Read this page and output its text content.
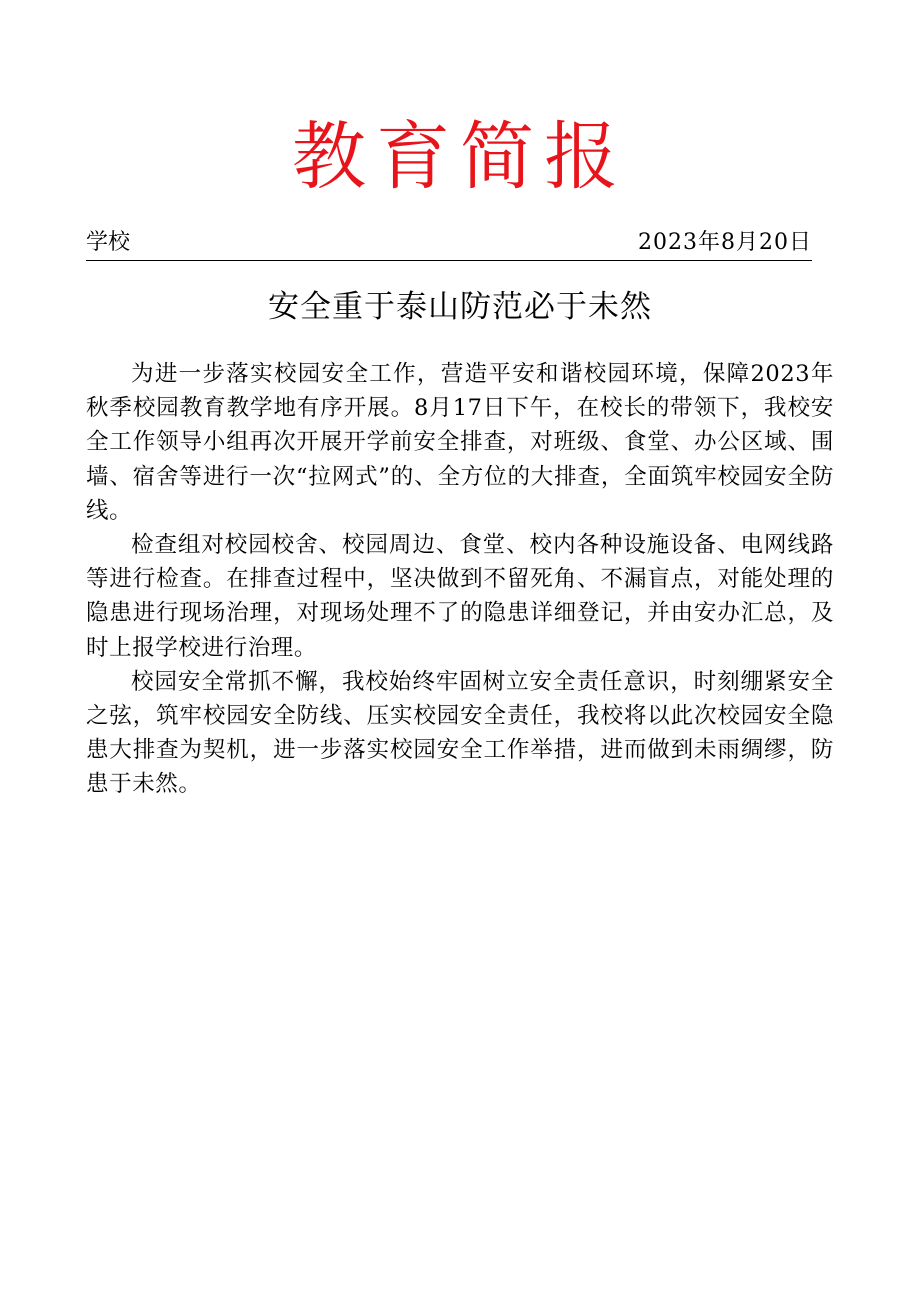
教育简报
学校	2023年8月20日
安全重于泰山防范必于未然

为进一步落实校园安全工作，营造平安和谐校园环境，保障2023年秋季校园教育教学地有序开展。8月17日下午，在校长的带领下，我校安全工作领导小组再次开展开学前安全排查，对班级、食堂、办公区域、围墙、宿舍等进行一次“拉网式”的、全方位的大排查，全面筑牢校园安全防线。

检查组对校园校舍、校园周边、食堂、校内各种设施设备、电网线路等进行检查。在排查过程中，坚决做到不留死角、不漏盲点，对能处理的隐患进行现场治理，对现场处理不了的隐患详细登记，并由安办汇总，及时上报学校进行治理。

校园安全常抓不懈，我校始终牢固树立安全责任意识，时刻绷紧安全之弦，筑牢校园安全防线、压实校园安全责任，我校将以此次校园安全隐患大排查为契机，进一步落实校园安全工作举措，进而做到未雨绸缪，防患于未然。
